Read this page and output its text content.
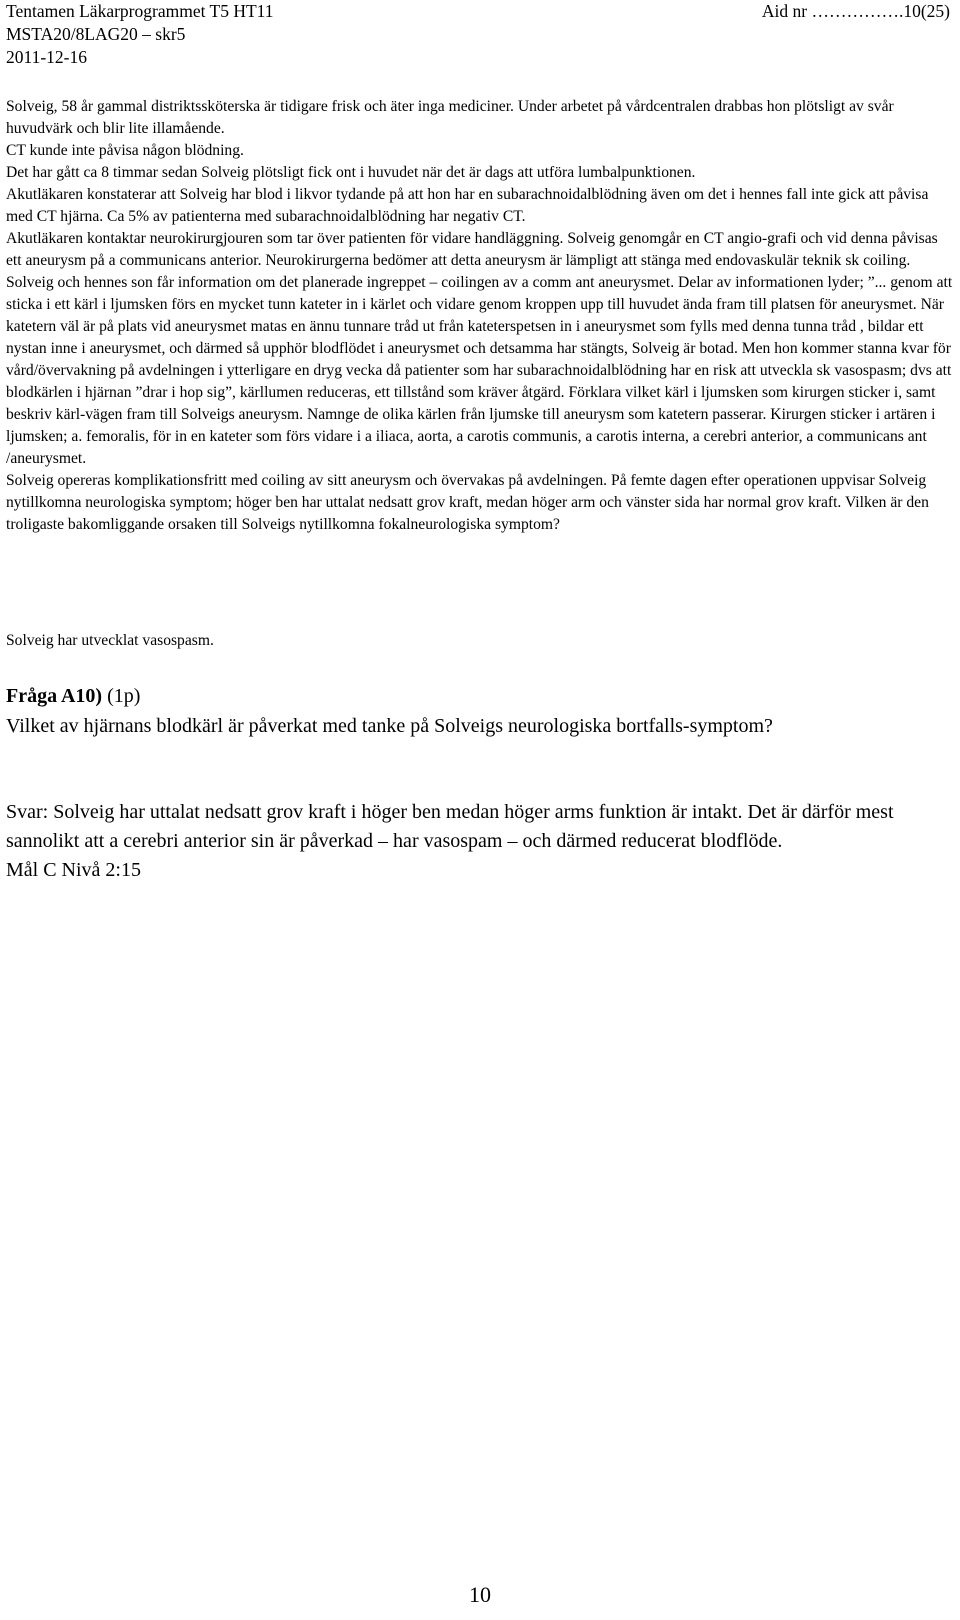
Tentamen Läkarprogrammet T5 HT11	Aid nr …………….10(25)
MSTA20/8LAG20 – skr5
2011-12-16

Solveig, 58 år gammal distriktssköterska är tidigare frisk och äter inga mediciner. Under arbetet på vårdcentralen drabbas hon plötsligt av svår huvudvärk och blir lite illamående.

CT kunde inte påvisa någon blödning.

Det har gått ca 8 timmar sedan Solveig plötsligt fick ont i huvudet när det är dags att utföra lumbalpunktionen.

Akutläkaren konstaterar att Solveig har blod i likvor tydande på att hon har en subarachnoidalblödning även om det i hennes fall inte gick att påvisa med CT hjärna. Ca 5% av patienterna med subarachnoidalblödning har negativ CT.

Akutläkaren kontaktar neurokirurgjouren som tar över patienten för vidare handläggning. Solveig genomgår en CT angio-grafi och vid denna påvisas ett aneurysm på a communicans anterior. Neurokirurgerna bedömer att detta aneurysm är lämpligt att stänga med endovaskulär teknik sk coiling. Solveig och hennes son får information om det planerade ingreppet – coilingen av a comm ant aneurysmet. Delar av informationen lyder; ”... genom att sticka i ett kärl i ljumsken förs en mycket tunn kateter in i kärlet och vidare genom kroppen upp till huvudet ända fram till platsen för aneurysmet. När katetern väl är på plats vid aneurysmet matas en ännu tunnare tråd ut från kateterspetsen in i aneurysmet som fylls med denna tunna tråd , bildar ett nystan inne i aneurysmet, och därmed så upphör blodflödet i aneurysmet och detsamma har stängts, Solveig är botad. Men hon kommer stanna kvar för vård/övervakning på avdelningen i ytterligare en dryg vecka då patienter som har subarachnoidalblödning har en risk att utveckla sk vasospasm; dvs att blodkärlen i hjärnan ”drar i hop sig”, kärllumen reduceras, ett tillstånd som kräver åtgärd. Förklara vilket kärl i ljumsken som kirurgen sticker i, samt beskriv kärl-vägen fram till Solveigs aneurysm. Namnge de olika kärlen från ljumske till aneurysm som katetern passerar. Kirurgen sticker i artären i ljumsken; a. femoralis, för in en kateter som förs vidare i a iliaca, aorta, a carotis communis, a carotis interna, a cerebri anterior, a communicans ant /aneurysmet.

Solveig opereras komplikationsfritt med coiling av sitt aneurysm och övervakas på avdelningen. På femte dagen efter operationen uppvisar Solveig nytillkomna neurologiska symptom; höger ben har uttalat nedsatt grov kraft, medan höger arm och vänster sida har normal grov kraft. Vilken är den troligaste bakomliggande orsaken till Solveigs nytillkomna fokalneurologiska symptom?

Solveig har utvecklat vasospasm.
Fråga A10) (1p)
Vilket av hjärnans blodkärl är påverkat med tanke på Solveigs neurologiska bortfalls-symptom?

Svar: Solveig har uttalat nedsatt grov kraft i höger ben medan höger arms funktion är intakt. Det är därför mest sannolikt att a cerebri anterior sin är påverkad – har vasospam – och därmed reducerat blodflöde.

Mål C Nivå 2:15

10
